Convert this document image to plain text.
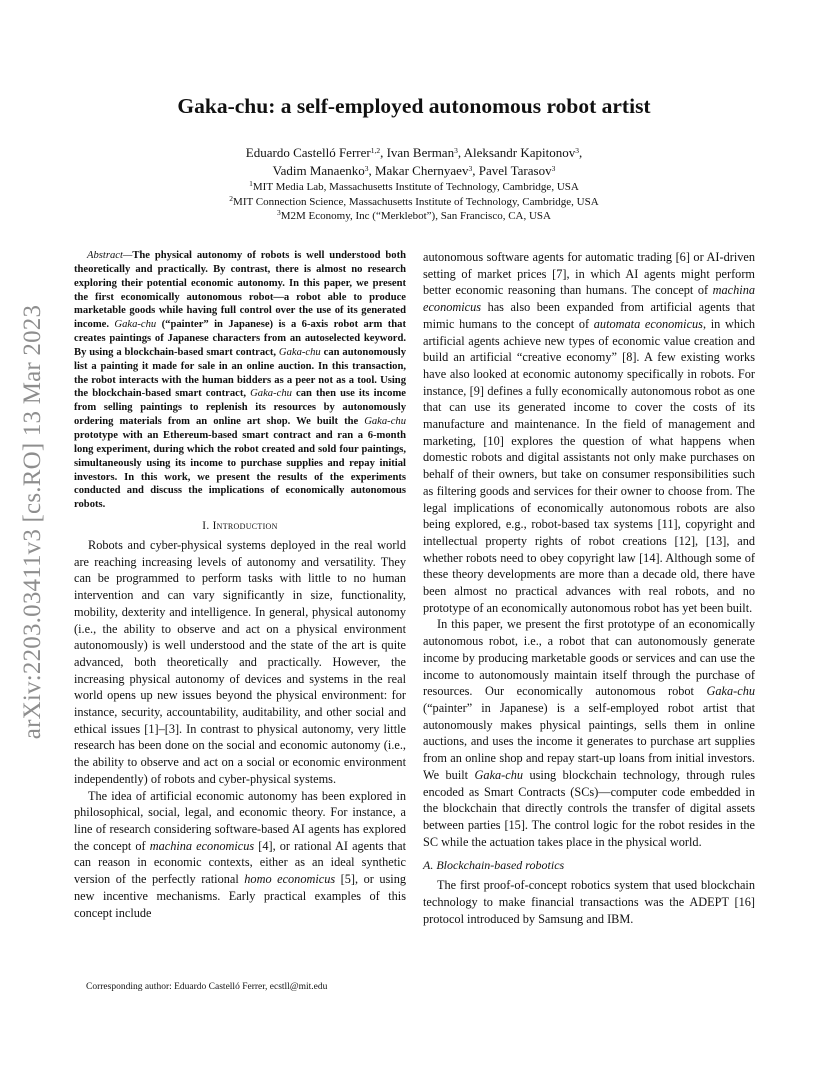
arXiv:2203.03411v3 [cs.RO] 13 Mar 2023
Gaka-chu: a self-employed autonomous robot artist
Eduardo Castelló Ferrer$^{1,2}$, Ivan Berman$^3$, Aleksandr Kapitonov$^3$,
Vadim Manaenko$^3$, Makar Chernyaev$^3$, Pavel Tarasov$^3$
$^1$MIT Media Lab, Massachusetts Institute of Technology, Cambridge, USA
$^2$MIT Connection Science, Massachusetts Institute of Technology, Cambridge, USA
$^3$M2M Economy, Inc (“Merklebot”), San Francisco, CA, USA

Abstract—The physical autonomy of robots is well understood both theoretically and practically. By contrast, there is almost no research exploring their potential economic autonomy. In this paper, we present the first economically autonomous robot—a robot able to produce marketable goods while having full control over the use of its generated income. Gaka-chu (“painter” in Japanese) is a 6-axis robot arm that creates paintings of Japanese characters from an autoselected keyword. By using a blockchain-based smart contract, Gaka-chu can autonomously list a painting it made for sale in an online auction. In this transaction, the robot interacts with the human bidders as a peer not as a tool. Using the blockchain-based smart contract, Gaka-chu can then use its income from selling paintings to replenish its resources by autonomously ordering materials from an online art shop. We built the Gaka-chu prototype with an Ethereum-based smart contract and ran a 6-month long experiment, during which the robot created and sold four paintings, simultaneously using its income to purchase supplies and repay initial investors. In this work, we present the results of the experiments conducted and discuss the implications of economically autonomous robots.

I. Introduction

Robots and cyber-physical systems deployed in the real world are reaching increasing levels of autonomy and versatility. They can be programmed to perform tasks with little to no human intervention and can vary significantly in size, functionality, mobility, dexterity and intelligence. In general, physical autonomy (i.e., the ability to observe and act on a physical environment autonomously) is well understood and the state of the art is quite advanced, both theoretically and practically. However, the increasing physical autonomy of devices and systems in the real world opens up new issues beyond the physical environment: for instance, security, accountability, auditability, and other social and ethical issues [1]–[3]. In contrast to physical autonomy, very little research has been done on the social and economic autonomy (i.e., the ability to observe and act on a social or economic environment independently) of robots and cyber-physical systems.

The idea of artificial economic autonomy has been explored in philosophical, social, legal, and economic theory. For instance, a line of research considering software-based AI agents has explored the concept of machina economicus [4], or rational AI agents that can reason in economic contexts, either as an ideal synthetic version of the perfectly rational homo economicus [5], or using new incentive mechanisms. Early practical examples of this concept include

autonomous software agents for automatic trading [6] or AI-driven setting of market prices [7], in which AI agents might perform better economic reasoning than humans. The concept of machina economicus has also been expanded from artificial agents that mimic humans to the concept of automata economicus, in which artificial agents achieve new types of economic value creation and build an artificial “creative economy” [8]. A few existing works have also looked at economic autonomy specifically in robots. For instance, [9] defines a fully economically autonomous robot as one that can use its generated income to cover the costs of its manufacture and maintenance. In the field of management and marketing, [10] explores the question of what happens when domestic robots and digital assistants not only make purchases on behalf of their owners, but take on consumer responsibilities such as filtering goods and services for their owner to choose from. The legal implications of economically autonomous robots are also being explored, e.g., robot-based tax systems [11], copyright and intellectual property rights of robot creations [12], [13], and whether robots need to obey copyright law [14]. Although some of these theory developments are more than a decade old, there have been almost no practical advances with real robots, and no prototype of an economically autonomous robot has yet been built.

In this paper, we present the first prototype of an economically autonomous robot, i.e., a robot that can autonomously generate income by producing marketable goods or services and can use the income to autonomously maintain itself through the purchase of resources. Our economically autonomous robot Gaka-chu (“painter” in Japanese) is a self-employed robot artist that autonomously makes physical paintings, sells them in online auctions, and uses the income it generates to purchase art supplies from an online shop and repay start-up loans from initial investors. We built Gaka-chu using blockchain technology, through rules encoded as Smart Contracts (SCs)—computer code embedded in the blockchain that directly controls the transfer of digital assets between parties [15]. The control logic for the robot resides in the SC while the actuation takes place in the physical world.

A. Blockchain-based robotics

The first proof-of-concept robotics system that used blockchain technology to make financial transactions was the ADEPT [16] protocol introduced by Samsung and IBM.

Corresponding author: Eduardo Castelló Ferrer, ecstll@mit.edu
